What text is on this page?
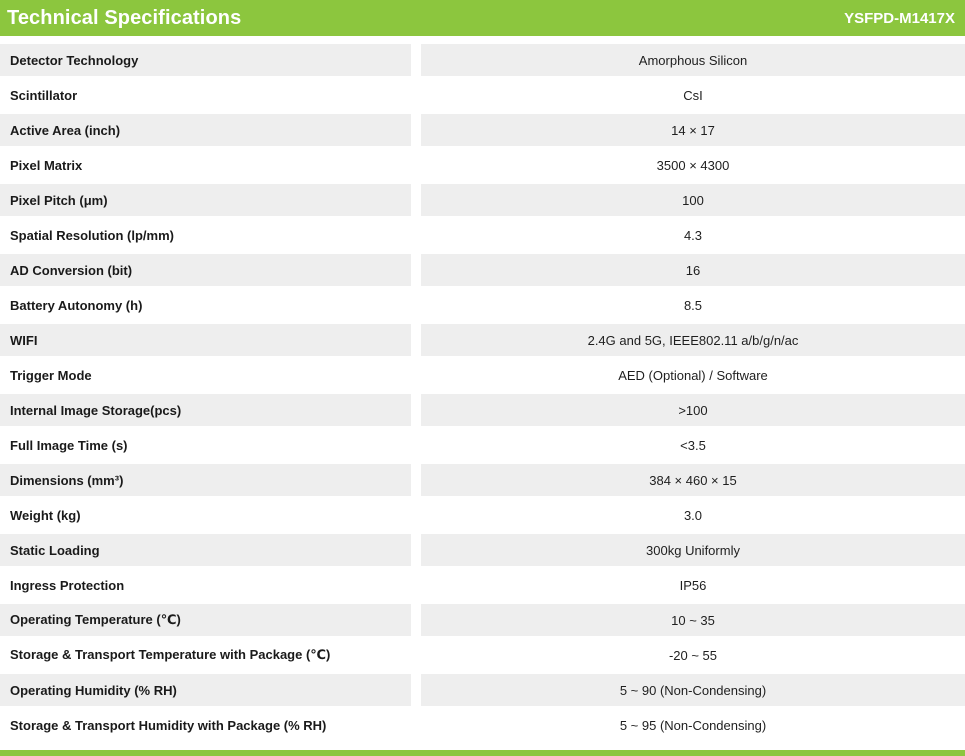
Technical Specifications	YSFPD-M1417X
Detector Technology	Amorphous Silicon
Scintillator	CsI
Active Area (inch)	14 × 17
Pixel Matrix	3500 × 4300
Pixel Pitch (μm)	100
Spatial Resolution (lp/mm)	4.3
AD Conversion (bit)	16
Battery Autonomy (h)	8.5
WIFI	2.4G and 5G, IEEE802.11 a/b/g/n/ac
Trigger Mode	AED (Optional) / Software
Internal Image Storage(pcs)	>100
Full Image Time (s)	<3.5
Dimensions (mm³)	384 × 460 × 15
Weight (kg)	3.0
Static Loading	300kg Uniformly
Ingress Protection	IP56
Operating Temperature (℃)	10 ~ 35
Storage & Transport Temperature with Package (℃)	-20 ~ 55
Operating Humidity (% RH)	5 ~ 90 (Non-Condensing)
Storage & Transport Humidity with Package (% RH)	5 ~ 95 (Non-Condensing)
